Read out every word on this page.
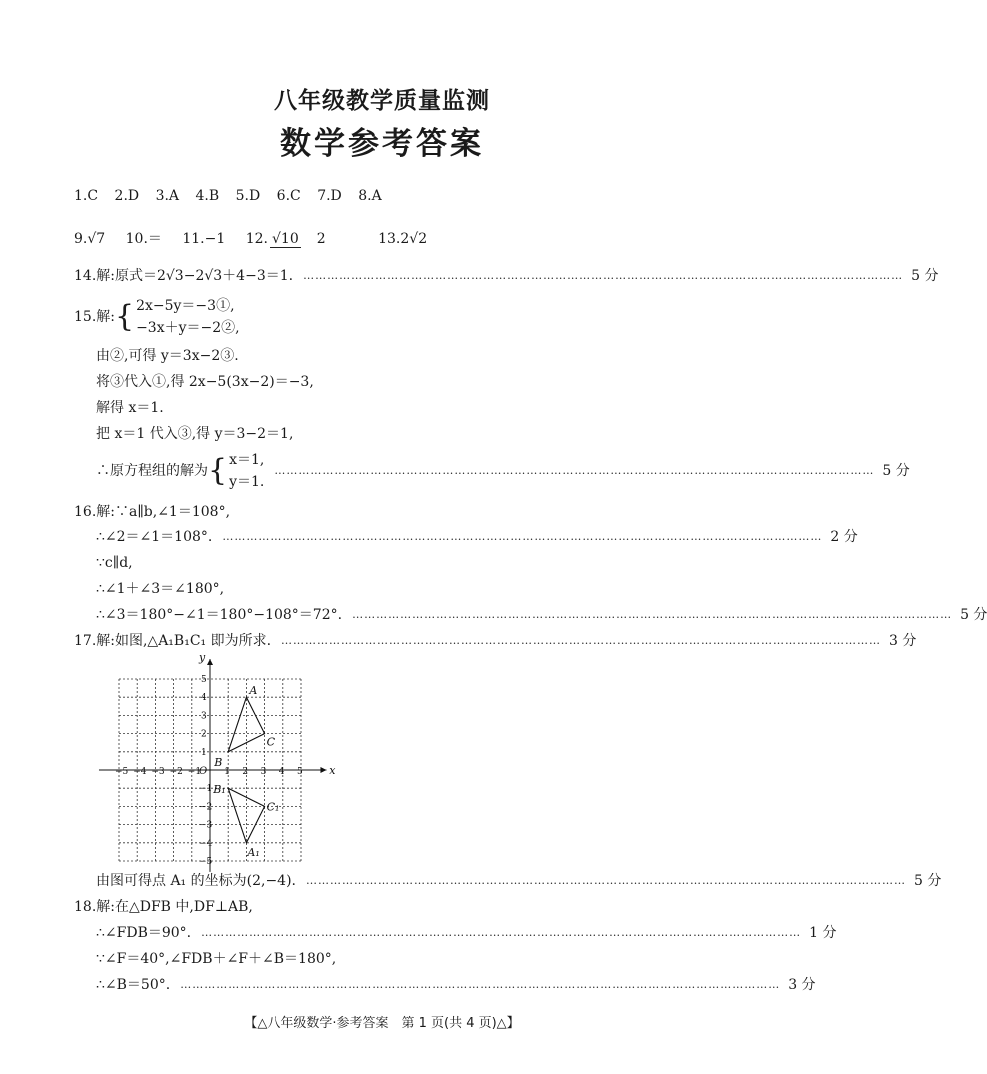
八年级教学质量监测
数学参考答案
1.C 2.D 3.A 4.B 5.D 6.C 7.D 8.A
9.√7 10.＝ 11.−1 12. √10 2	13.2√2
14.解:原式＝2√3−2√3＋4−3＝1. …………………………………………………………………………………………………………………………………… 5 分
15.解: { 2x−5y＝−3①,
−3x＋y＝−2②,
由②,可得 y＝3x−2③.
将③代入①,得 2x−5(3x−2)＝−3,
解得 x＝1.
把 x＝1 代入③,得 y＝3−2＝1,
∴原方程组的解为 { x＝1,
y＝1.
…………………………………………………………………………………………………………………………………… 5 分
16.解:∵a∥b,∠1＝108°,
∴∠2＝∠1＝108°. …………………………………………………………………………………………………………………………………… 2 分
∵c∥d,
∴∠1＋∠3＝∠180°,
∴∠3＝180°−∠1＝180°−108°＝72°. …………………………………………………………………………………………………………………………………… 5 分
17.解:如图,△A₁B₁C₁ 即为所求. …………………………………………………………………………………………………………………………………… 3 分
x
y
O
−5 −4 −3 −2 −1	1 2 3 4 5
1
2
3
4
5
−1
−2
−3
−4
−5
A
B
C
A₁
B₁
C₁
由图可得点 A₁ 的坐标为(2,−4). …………………………………………………………………………………………………………………………………… 5 分
18.解:在△DFB 中,DF⊥AB,
∴∠FDB＝90°. …………………………………………………………………………………………………………………………………… 1 分
∵∠F＝40°,∠FDB＋∠F＋∠B＝180°,
∴∠B＝50°. …………………………………………………………………………………………………………………………………… 3 分
【△八年级数学·参考答案　第 1 页(共 4 页)△】
